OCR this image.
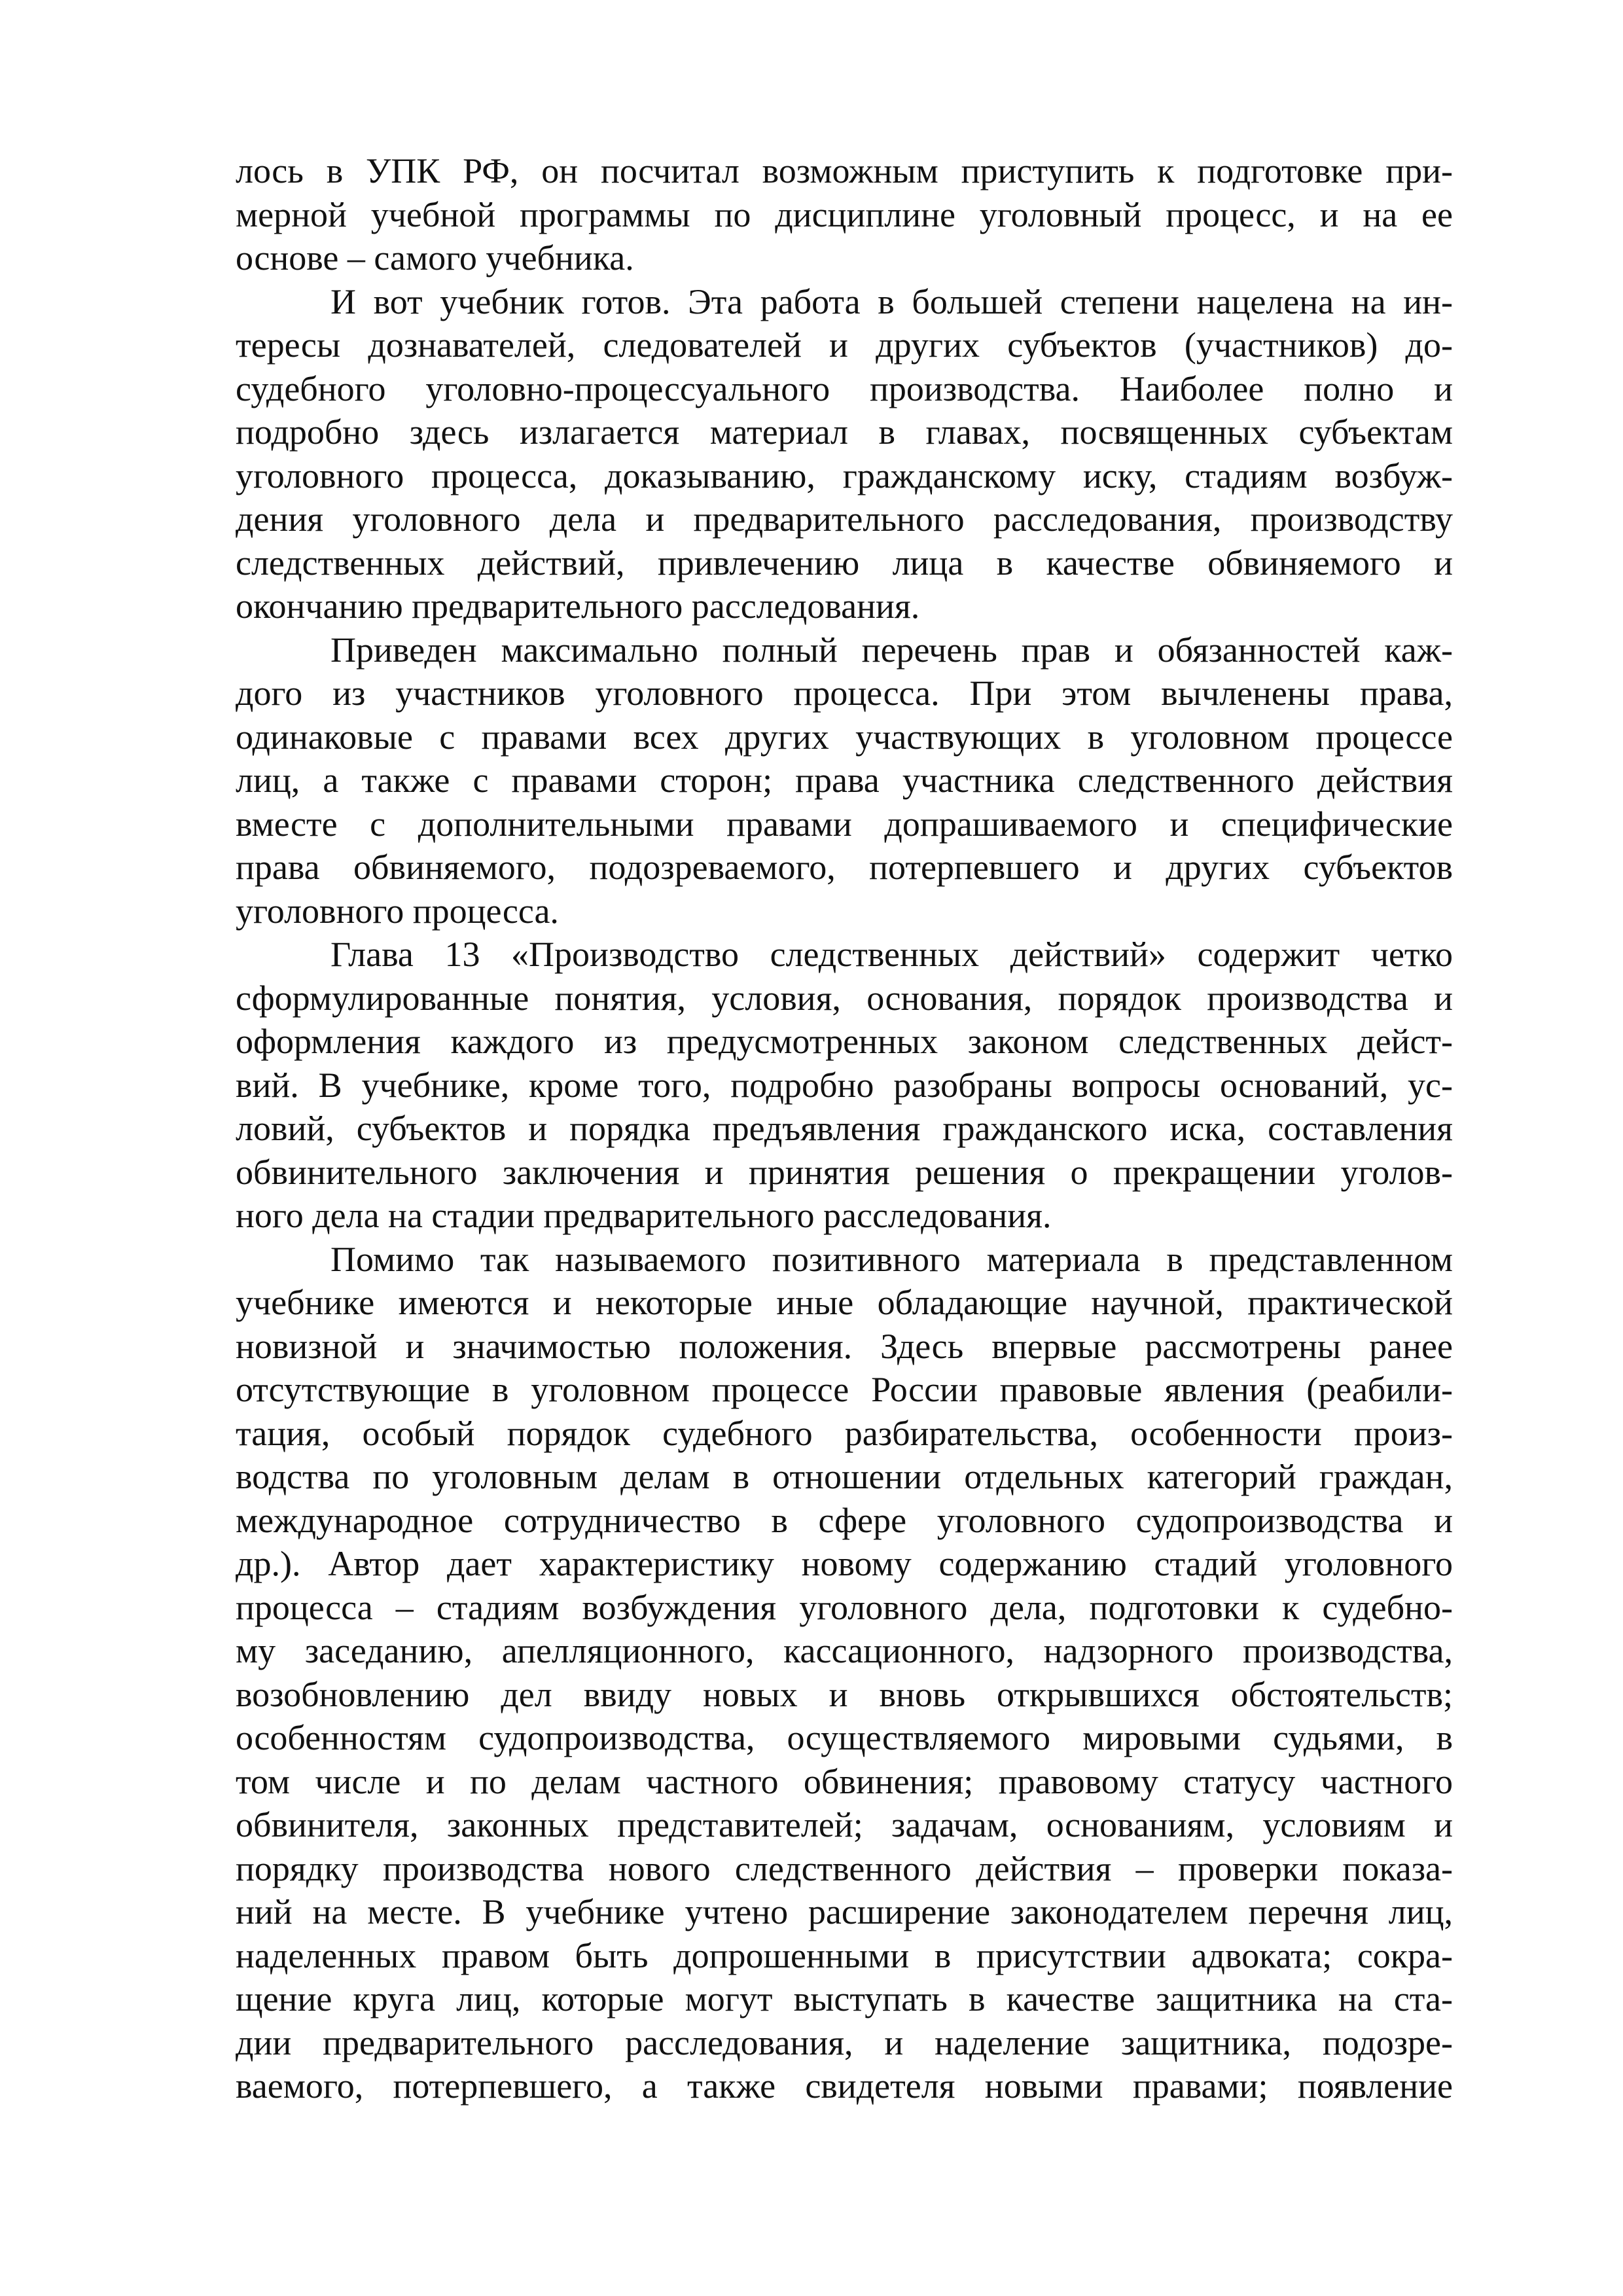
лось в УПК РФ, он посчитал возможным приступить к подготовке при-
мерной учебной программы по дисциплине уголовный процесс, и на ее
основе – самого учебника.
И вот учебник готов. Эта работа в большей степени нацелена на ин-
тересы дознавателей, следователей и других субъектов (участников) до-
судебного уголовно-процессуального производства. Наиболее полно и
подробно здесь излагается материал в главах, посвященных субъектам
уголовного процесса, доказыванию, гражданскому иску, стадиям возбуж-
дения уголовного дела и предварительного расследования, производству
следственных действий, привлечению лица в качестве обвиняемого и
окончанию предварительного расследования.
Приведен максимально полный перечень прав и обязанностей каж-
дого из участников уголовного процесса. При этом вычленены права,
одинаковые с правами всех других участвующих в уголовном процессе
лиц, а также с правами сторон; права участника следственного действия
вместе с дополнительными правами допрашиваемого и специфические
права обвиняемого, подозреваемого, потерпевшего и других субъектов
уголовного процесса.
Глава 13 «Производство следственных действий» содержит четко
сформулированные понятия, условия, основания, порядок производства и
оформления каждого из предусмотренных законом следственных дейст-
вий. В учебнике, кроме того, подробно разобраны вопросы оснований, ус-
ловий, субъектов и порядка предъявления гражданского иска, составления
обвинительного заключения и принятия решения о прекращении уголов-
ного дела на стадии предварительного расследования.
Помимо так называемого позитивного материала в представленном
учебнике имеются и некоторые иные обладающие научной, практической
новизной и значимостью положения. Здесь впервые рассмотрены ранее
отсутствующие в уголовном процессе России правовые явления (реабили-
тация, особый порядок судебного разбирательства, особенности произ-
водства по уголовным делам в отношении отдельных категорий граждан,
международное сотрудничество в сфере уголовного судопроизводства и
др.). Автор дает характеристику новому содержанию стадий уголовного
процесса – стадиям возбуждения уголовного дела, подготовки к судебно-
му заседанию, апелляционного, кассационного, надзорного производства,
возобновлению дел ввиду новых и вновь открывшихся обстоятельств;
особенностям судопроизводства, осуществляемого мировыми судьями, в
том числе и по делам частного обвинения; правовому статусу частного
обвинителя, законных представителей; задачам, основаниям, условиям и
порядку производства нового следственного действия – проверки показа-
ний на месте. В учебнике учтено расширение законодателем перечня лиц,
наделенных правом быть допрошенными в присутствии адвоката; сокра-
щение круга лиц, которые могут выступать в качестве защитника на ста-
дии предварительного расследования, и наделение защитника, подозре-
ваемого, потерпевшего, а также свидетеля новыми правами; появление
